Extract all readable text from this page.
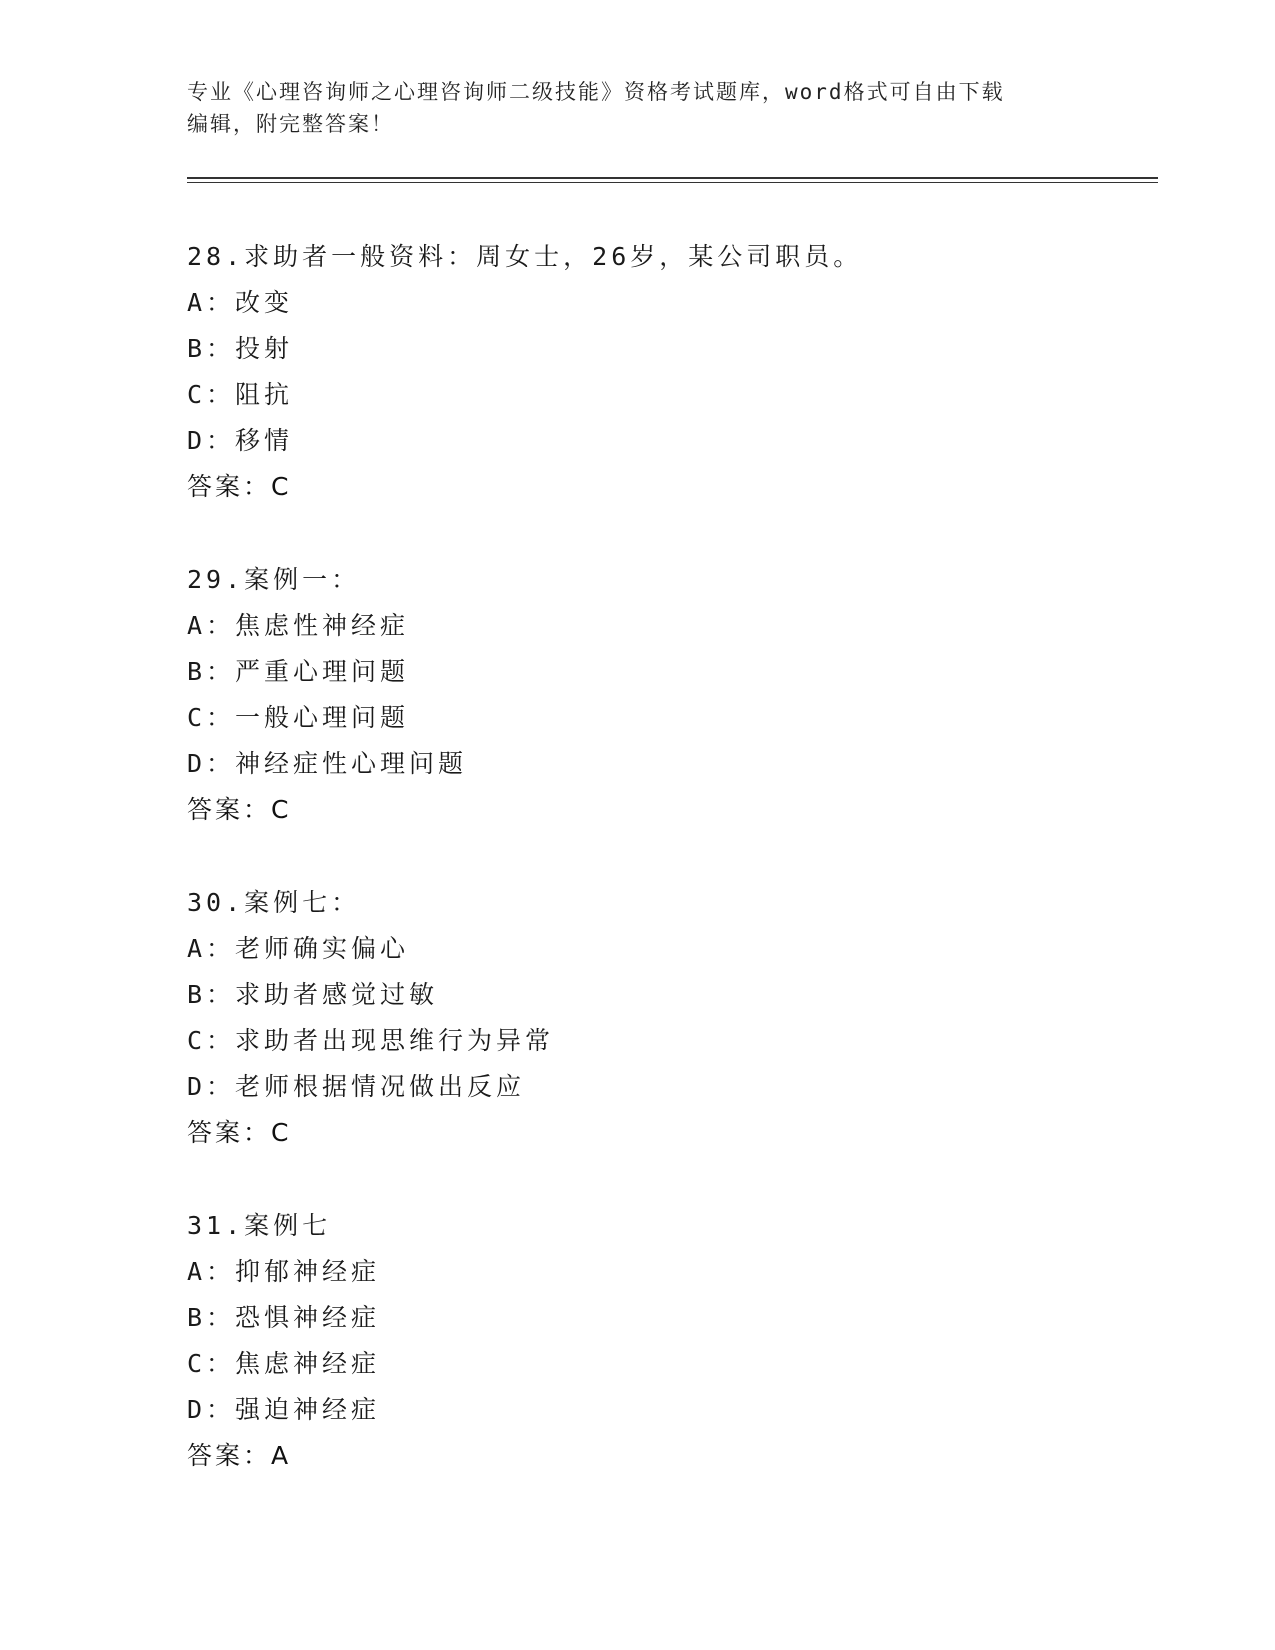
专业《心理咨询师之心理咨询师二级技能》资格考试题库，word格式可自由下载
编辑，附完整答案！
28.求助者一般资料：周女士，26岁，某公司职员。
A：改变
B：投射
C：阻抗
D：移情
答案：C
29.案例一：
A：焦虑性神经症
B：严重心理问题
C：一般心理问题
D：神经症性心理问题
答案：C
30.案例七：
A：老师确实偏心
B：求助者感觉过敏
C：求助者出现思维行为异常
D：老师根据情况做出反应
答案：C
31.案例七
A：抑郁神经症
B：恐惧神经症
C：焦虑神经症
D：强迫神经症
答案：A
